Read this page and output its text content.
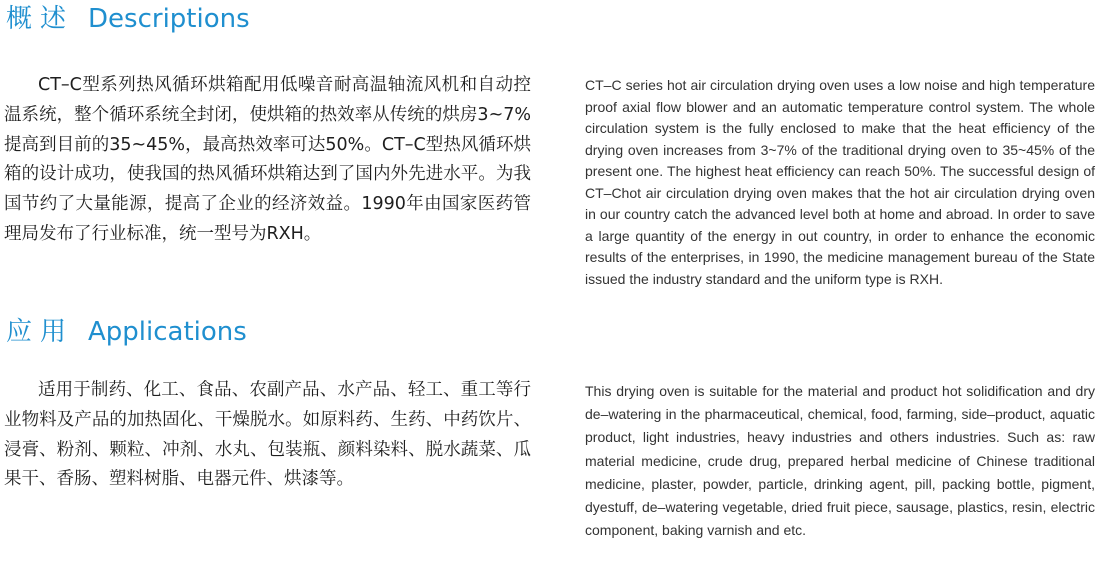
概述 Descriptions
CT–C型系列热风循环烘箱配用低噪音耐高温轴流风机和自动控温系统，整个循环系统全封闭，使烘箱的热效率从传统的烘房3~7%提高到目前的35~45%，最高热效率可达50%。CT–C型热风循环烘箱的设计成功，使我国的热风循环烘箱达到了国内外先进水平。为我国节约了大量能源，提高了企业的经济效益。1990年由国家医药管理局发布了行业标准，统一型号为RXH。
CT–C series hot air circulation drying oven uses a low noise and high temperature proof axial flow blower and an automatic temperature control system. The whole circulation system is the fully enclosed to make that the heat efficiency of the drying oven increases from 3~7% of the traditional drying oven to 35~45% of the present one. The highest heat efficiency can reach 50%. The successful design of CT–Chot air circulation drying oven makes that the hot air circulation drying oven in our country catch the advanced level both at home and abroad. In order to save a large quantity of the energy in out country, in order to enhance the economic results of the enterprises, in 1990, the medicine management bureau of the State issued the industry standard and the uniform type is RXH.
应用 Applications
适用于制药、化工、食品、农副产品、水产品、轻工、重工等行业物料及产品的加热固化、干燥脱水。如原料药、生药、中药饮片、浸膏、粉剂、颗粒、冲剂、水丸、包装瓶、颜料染料、脱水蔬菜、瓜果干、香肠、塑料树脂、电器元件、烘漆等。
This drying oven is suitable for the material and product hot solidification and dry de–watering in the pharmaceutical, chemical, food, farming, side–product, aquatic product, light industries, heavy industries and others industries. Such as: raw material medicine, crude drug, prepared herbal medicine of Chinese traditional medicine, plaster, powder, particle, drinking agent, pill, packing bottle, pigment, dyestuff, de–watering vegetable, dried fruit piece, sausage, plastics, resin, electric component, baking varnish and etc.
